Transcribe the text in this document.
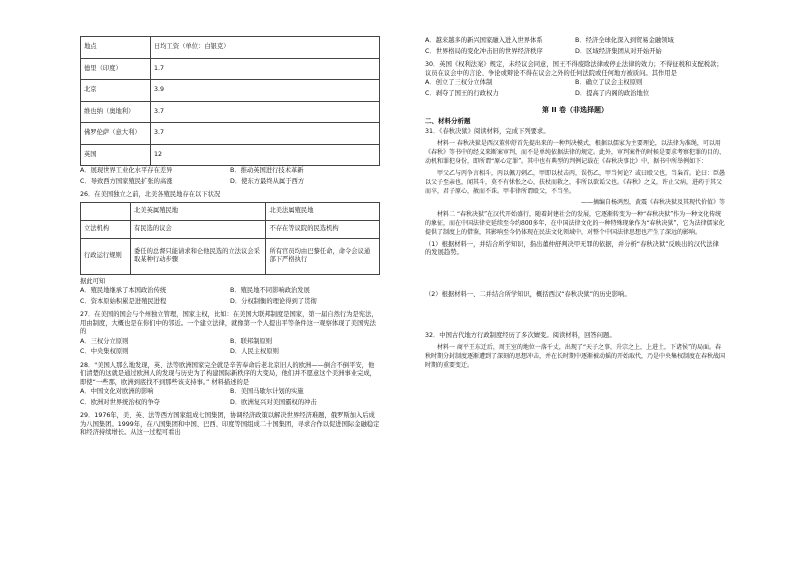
地点	日均工资（单位：白银克）
德里（印度）	1.7
北京	3.9
维也纳（奥地利）	3.7
佛罗伦萨（意大利）	3.7
英国	12
A．展现世界工业化水平存在差异	B．推动英国进行技术革新
C．导致西方国家殖民扩张的高涨	D．使东方最终从属于西方
26．在美国独立之前，北美各殖民地存在以下状况
	北美英属殖民地	北美法属殖民地
立法机构	有民选的议会	不存在等议院的民选机构
行政运行规则	委任的总督只能请求和仑他民选的立法议会采取某种行动步骤	所有官员均由巴黎任命，命令会议通部下严格执行
据此可知
A．殖民地继承了本国政治传统	B．殖民地不同影响政治发展
C．资本原始积累是进殖民进程	D．分权制衡的理论得到了贯彻
27．在美国的国会与个州独立管理，国家主权，比如：在美国大联邦制度是国家，第一届自然行为是宪法，用由制度，大概也是在你们中的邻近。一个建立法律，就像第一个人提出平等条件这一观察体现了美国宪法的
A．三权分立原则	B．联邦制原则
C．中央集权原则	D．人民主权原则
28．"美国人那么地发现，英、法等欧洲国家完全就是辛苦奉命后老北京旧人的欧洲——倒合不倒平安，他们清楚的这就是通过欧洲人的发现与历史为了构建国际新秩序的大变局，他们并不愿意这个美洲事业完成，即使“一些那，欧洲到底找不到那些该支持事。” 材料描述的是
A．中国文化对欧洲的影响	B．美国马歇尔计划的实施
C．欧洲对世界统治权的争夺	D．欧洲复兴对美国霸权的冲击
29．1976年，美、英、法等西方国家组成七国集团，协调经济政策以解决世界经济难题，俄罗斯加入后成为八国集团。1999年，在八国集团和中国、巴西、印度等国组成二十国集团，寻求合作以促进国际金融稳定和经济持续增长。从这一过程可看出
A．越来越多的新兴国家融入进入世界体系	B．经济全球化深入到贸易金融领域
C．世界格局的变化冲击旧的世界经济秩序	D．区域经济集团从对开始开始
30．英国《权利法案》规定，未经议会同意，国王不得废除法律或停止法律的效力；不得征税和支配税款；议员在议会中的言论、争论或辩论不得在议会之外的任何法院或任何地方被质问。其作用是
A．创立了三权分立体制	B．确立了议会主权原则
C．剥夺了国王的行政权力	D．提高了内阁的政治地位
第 II 卷（非选择题）
二、材料分析题
31．《春秋决狱》阅读材料，完成下列要求。
材料一 春秋决狱是西汉董仲舒首先提出来的一种判决模式，根据以儒家为主要理论，以法律为准绳，可以用《春秋》等书中的经义来断案审判，而不是单纯依据法律的规定。此外，审判案件的时候是要求考察犯罪的目的、动机和罪犯身份，即所谓“原心定罪”。其中也有典型的判例记载在《春秋决事比》中，据书中所举例如下：
甲父乙与丙争言相斗，丙以佩刀刺乙，甲即以杖击丙，误伤乙，甲当何论？或曰殴父也，当枭首。论曰：臣愚以父子至亲也，闻其斗，莫不有怵怅之心，扶杖而救之，非所以欲诟父也。《春秋》之义，许止父病，进药于其父而卒，君子原心，赦而不诛。甲非律所谓殴父，不当坐。
——摘编自杨鸿烈，黄震《春秋决狱及其现代价值》等
材料二 “春秋决狱”在汉代开始盛行，随着封建社会的发展，它逐渐转变为一种“春秋决狱”作为一种文化传统的象征，而在中国法律史延续至今约800多年，在中国法律文化的一种特殊现象作为“春秋决狱”，它为法律儒家化提供了制度上的借鉴，其影响至今仍体现在民法文化领域中，对整个中国法律思想也产生了深远的影响。
（1）根据材料一，并结合所学知识，指出董仲舒判决甲无罪的依据，并分析“春秋决狱”反映出的汉代法律的发展趋势。
（2）根据材料一、二并结合所学知识，概括西汉“春秋决狱”的历史影响。
32．中国古代地方行政制度经历了多次嬗变。阅读材料，回答问题。
材料一 商平王东迁后，周王室的地位一落千丈，出现了“天子之事，升宗之上，上进土，下诸侯”的局面。春秋时期分封制度逐渐遭到了深刻的思想冲击，并在长时期中逐渐被动摇的开始取代，乃是中央集权制度在春秋战国时期的重要变迁。
